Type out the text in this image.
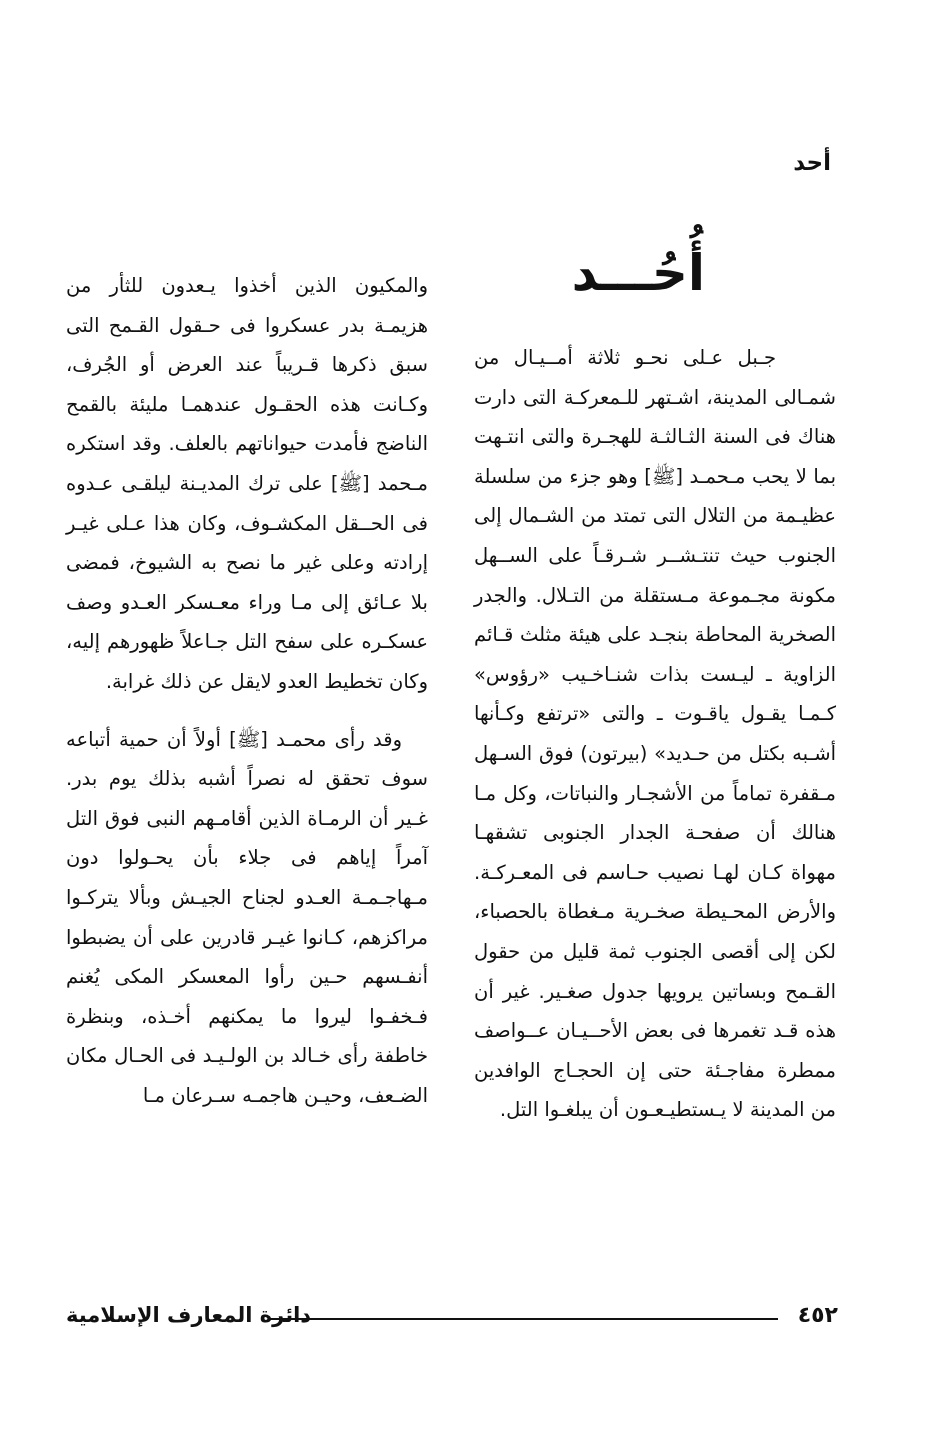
أحد
أُحُـــد

جـبل عـلى نحـو ثلاثة أمــيـال من شمـالى المدينة، اشـتهر للـمعركـة التى دارت هناك فى السنة الثـالثـة للهجـرة والتى انتـهت بما لا يحب مـحمـد [ﷺ] وهو جزء من سلسلة عظيـمة من التلال التى تمتد من الشـمال إلى الجنوب حيث تنتـشــر شـرقـاً على الســهل مكونة مجـموعة مـستقلة من التـلال. والجدر الصخرية المحاطة بنجـد على هيئة مثلث قـائم الزاوية ـ ليـست بذات شنـاخـيب «رؤوس» كـمـا يقـول ياقـوت ـ والتى «ترتفع وكـأنها أشـبه بكتل من حـديد» (بيرتون) فوق السـهل مـقفرة تماماً من الأشجـار والنباتات، وكل مـا هنالك أن صفحـة الجدار الجنوبى تشقهـا مهواة كـان لهـا نصيب حـاسم فى المعـركـة. والأرض المحـيطة صخـرية مـغطاة بالحصباء، لكن إلى أقصى الجنوب ثمة قليل من حقول القـمح وبساتين يرويها جدول صغـير. غير أن هذه قـد تغمرها فى بعض الأحــيـان عــواصف ممطرة مفاجـئة حتى إن الحجـاج الوافدين من المدينة لا يـستطيـعـون أن يبلغـوا التل.

والمكيون الذين أخذوا يـعدون للثأر من هزيمـة بدر عسكروا فى حـقول القـمح التى سبق ذكرها قـريباً عند العرض أو الجُرف، وكـانت هذه الحقـول عندهمـا مليئة بالقمح الناضج فأمدت حيواناتهم بالعلف. وقد استكره مـحمد [ﷺ] على ترك المديـنة ليلقـى عـدوه فى الحــقل المكشـوف، وكان هذا عـلى غيـر إرادته وعلى غير ما نصح به الشيوخ، فمضى بلا عـائق إلى مـا وراء معـسكر العـدو وصف عسكـره على سفح التل جـاعلاً ظهورهم إليه، وكان تخطيط العدو لايقل عن ذلك غرابة.

وقد رأى محمـد [ﷺ] أولاً أن حمية أتباعه سوف تحقق له نصراً أشبه بذلك يوم بدر. غـير أن الرمـاة الذين أقامـهم النبى فوق التل آمراً إياهم فى جلاء بأن يحـولوا دون مـهاجـمـة العـدو لجناح الجيـش وبألا يتركـوا مراكزهم، كـانوا غيـر قادرين على أن يضبطوا أنفـسهم حـين رأوا المعسكر المكى يُغنم فـخفـوا ليروا ما يمكنهم أخـذه، وبنظرة خاطفة رأى خـالد بن الولـيـد فى الحـال مكان الضـعف، وحيـن هاجمـه سـرعان مـا

٤٥٢
دائرة المعارف الإسلامية
